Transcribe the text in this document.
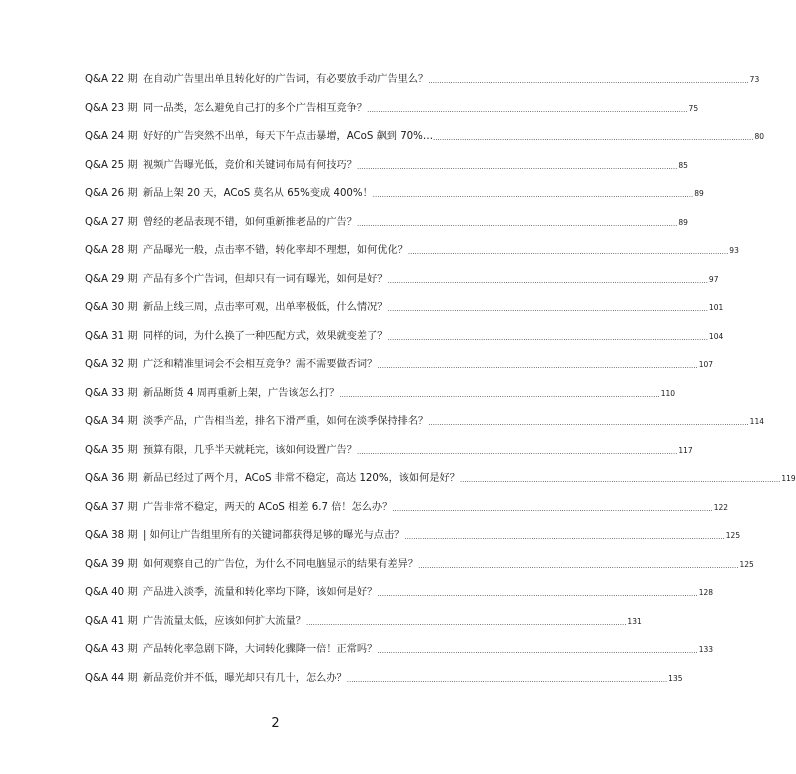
Q&A 22 期 在自动广告里出单且转化好的广告词，有必要放手动广告里么？ .....	73
Q&A 23 期 同一品类，怎么避免自己打的多个广告相互竞争？ .....	75
Q&A 24 期 好好的广告突然不出单，每天下午点击暴增，ACoS 飙到 70%… .....	80
Q&A 25 期 视频广告曝光低，竞价和关键词布局有何技巧？ .....	85
Q&A 26 期 新品上架 20 天，ACoS 莫名从 65%变成 400%！ .....	89
Q&A 27 期 曾经的老品表现不错，如何重新推老品的广告？ .....	89
Q&A 28 期 产品曝光一般，点击率不错，转化率却不理想，如何优化？ .....	93
Q&A 29 期 产品有多个广告词，但却只有一词有曝光，如何是好？ .....	97
Q&A 30 期 新品上线三周，点击率可观，出单率极低，什么情况？ .....	101
Q&A 31 期 同样的词，为什么换了一种匹配方式，效果就变差了？ .....	104
Q&A 32 期 广泛和精准里词会不会相互竞争？需不需要做否词？ .....	107
Q&A 33 期 新品断货 4 周再重新上架，广告该怎么打？ .....	110
Q&A 34 期 淡季产品，广告相当差，排名下滑严重，如何在淡季保持排名？ .....	114
Q&A 35 期 预算有限，几乎半天就耗完，该如何设置广告？ .....	117
Q&A 36 期 新品已经过了两个月，ACoS 非常不稳定，高达 120%，该如何是好？ .....	119
Q&A 37 期 广告非常不稳定，两天的 ACoS 相差 6.7 倍！怎么办？ .....	122
Q&A 38 期 | 如何让广告组里所有的关键词都获得足够的曝光与点击？ .....	125
Q&A 39 期 如何观察自己的广告位，为什么不同电脑显示的结果有差异？ .....	125
Q&A 40 期 产品进入淡季，流量和转化率均下降，该如何是好？ .....	128
Q&A 41 期 广告流量太低，应该如何扩大流量？ .....	131
Q&A 43 期 产品转化率急剧下降，大词转化骤降一倍！正常吗？ .....	133
Q&A 44 期 新品竞价并不低，曝光却只有几十，怎么办？ .....	135
2
